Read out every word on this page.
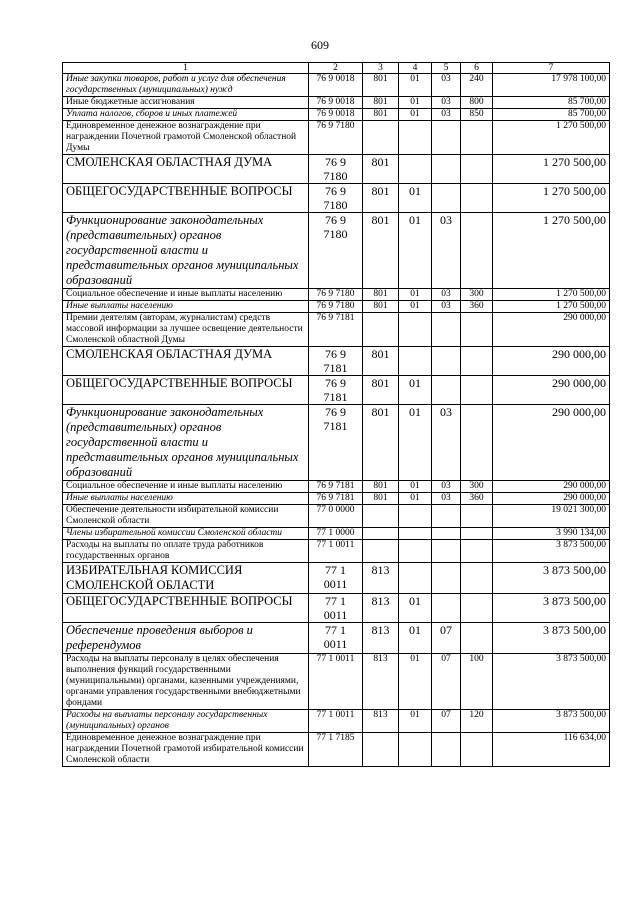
609
1	2	3	4	5	6	7
Иные закупки товаров, работ и услуг для обеспечения государственных (муниципальных) нужд	76 9 0018	801	01	03	240	17 978 100,00
Иные бюджетные ассигнования	76 9 0018	801	01	03	800	85 700,00
Уплата налогов, сборов и иных платежей	76 9 0018	801	01	03	850	85 700,00
Единовременное денежное вознаграждение при награждении Почетной грамотой Смоленской областной Думы	76 9 7180					1 270 500,00
СМОЛЕНСКАЯ ОБЛАСТНАЯ ДУМА	76 9 7180	801				1 270 500,00
ОБЩЕГОСУДАРСТВЕННЫЕ ВОПРОСЫ	76 9 7180	801	01			1 270 500,00
Функционирование законодательных (представительных) органов государственной власти и представительных органов муниципальных образований	76 9 7180	801	01	03		1 270 500,00
Социальное обеспечение и иные выплаты населению	76 9 7180	801	01	03	300	1 270 500,00
Иные выплаты населению	76 9 7180	801	01	03	360	1 270 500,00
Премии деятелям (авторам, журналистам) средств массовой информации за лучшее освещение деятельности Смоленской областной Думы	76 9 7181					290 000,00
СМОЛЕНСКАЯ ОБЛАСТНАЯ ДУМА	76 9 7181	801				290 000,00
ОБЩЕГОСУДАРСТВЕННЫЕ ВОПРОСЫ	76 9 7181	801	01			290 000,00
Функционирование законодательных (представительных) органов государственной власти и представительных органов муниципальных образований	76 9 7181	801	01	03		290 000,00
Социальное обеспечение и иные выплаты населению	76 9 7181	801	01	03	300	290 000,00
Иные выплаты населению	76 9 7181	801	01	03	360	290 000,00
Обеспечение деятельности избирательной комиссии Смоленской области	77 0 0000					19 021 300,00
Члены избирательной комиссии Смоленской области	77 1 0000					3 990 134,00
Расходы на выплаты по оплате труда работников государственных органов	77 1 0011					3 873 500,00
ИЗБИРАТЕЛЬНАЯ КОМИССИЯ СМОЛЕНСКОЙ ОБЛАСТИ	77 1 0011	813				3 873 500,00
ОБЩЕГОСУДАРСТВЕННЫЕ ВОПРОСЫ	77 1 0011	813	01			3 873 500,00
Обеспечение проведения выборов и референдумов	77 1 0011	813	01	07		3 873 500,00
Расходы на выплаты персоналу в целях обеспечения выполнения функций государственными (муниципальными) органами, казенными учреждениями, органами управления государственными внебюджетными фондами	77 1 0011	813	01	07	100	3 873 500,00
Расходы на выплаты персоналу государственных (муниципальных) органов	77 1 0011	813	01	07	120	3 873 500,00
Единовременное денежное вознаграждение при награждении Почетной грамотой избирательной комиссии Смоленской области	77 1 7185					116 634,00
